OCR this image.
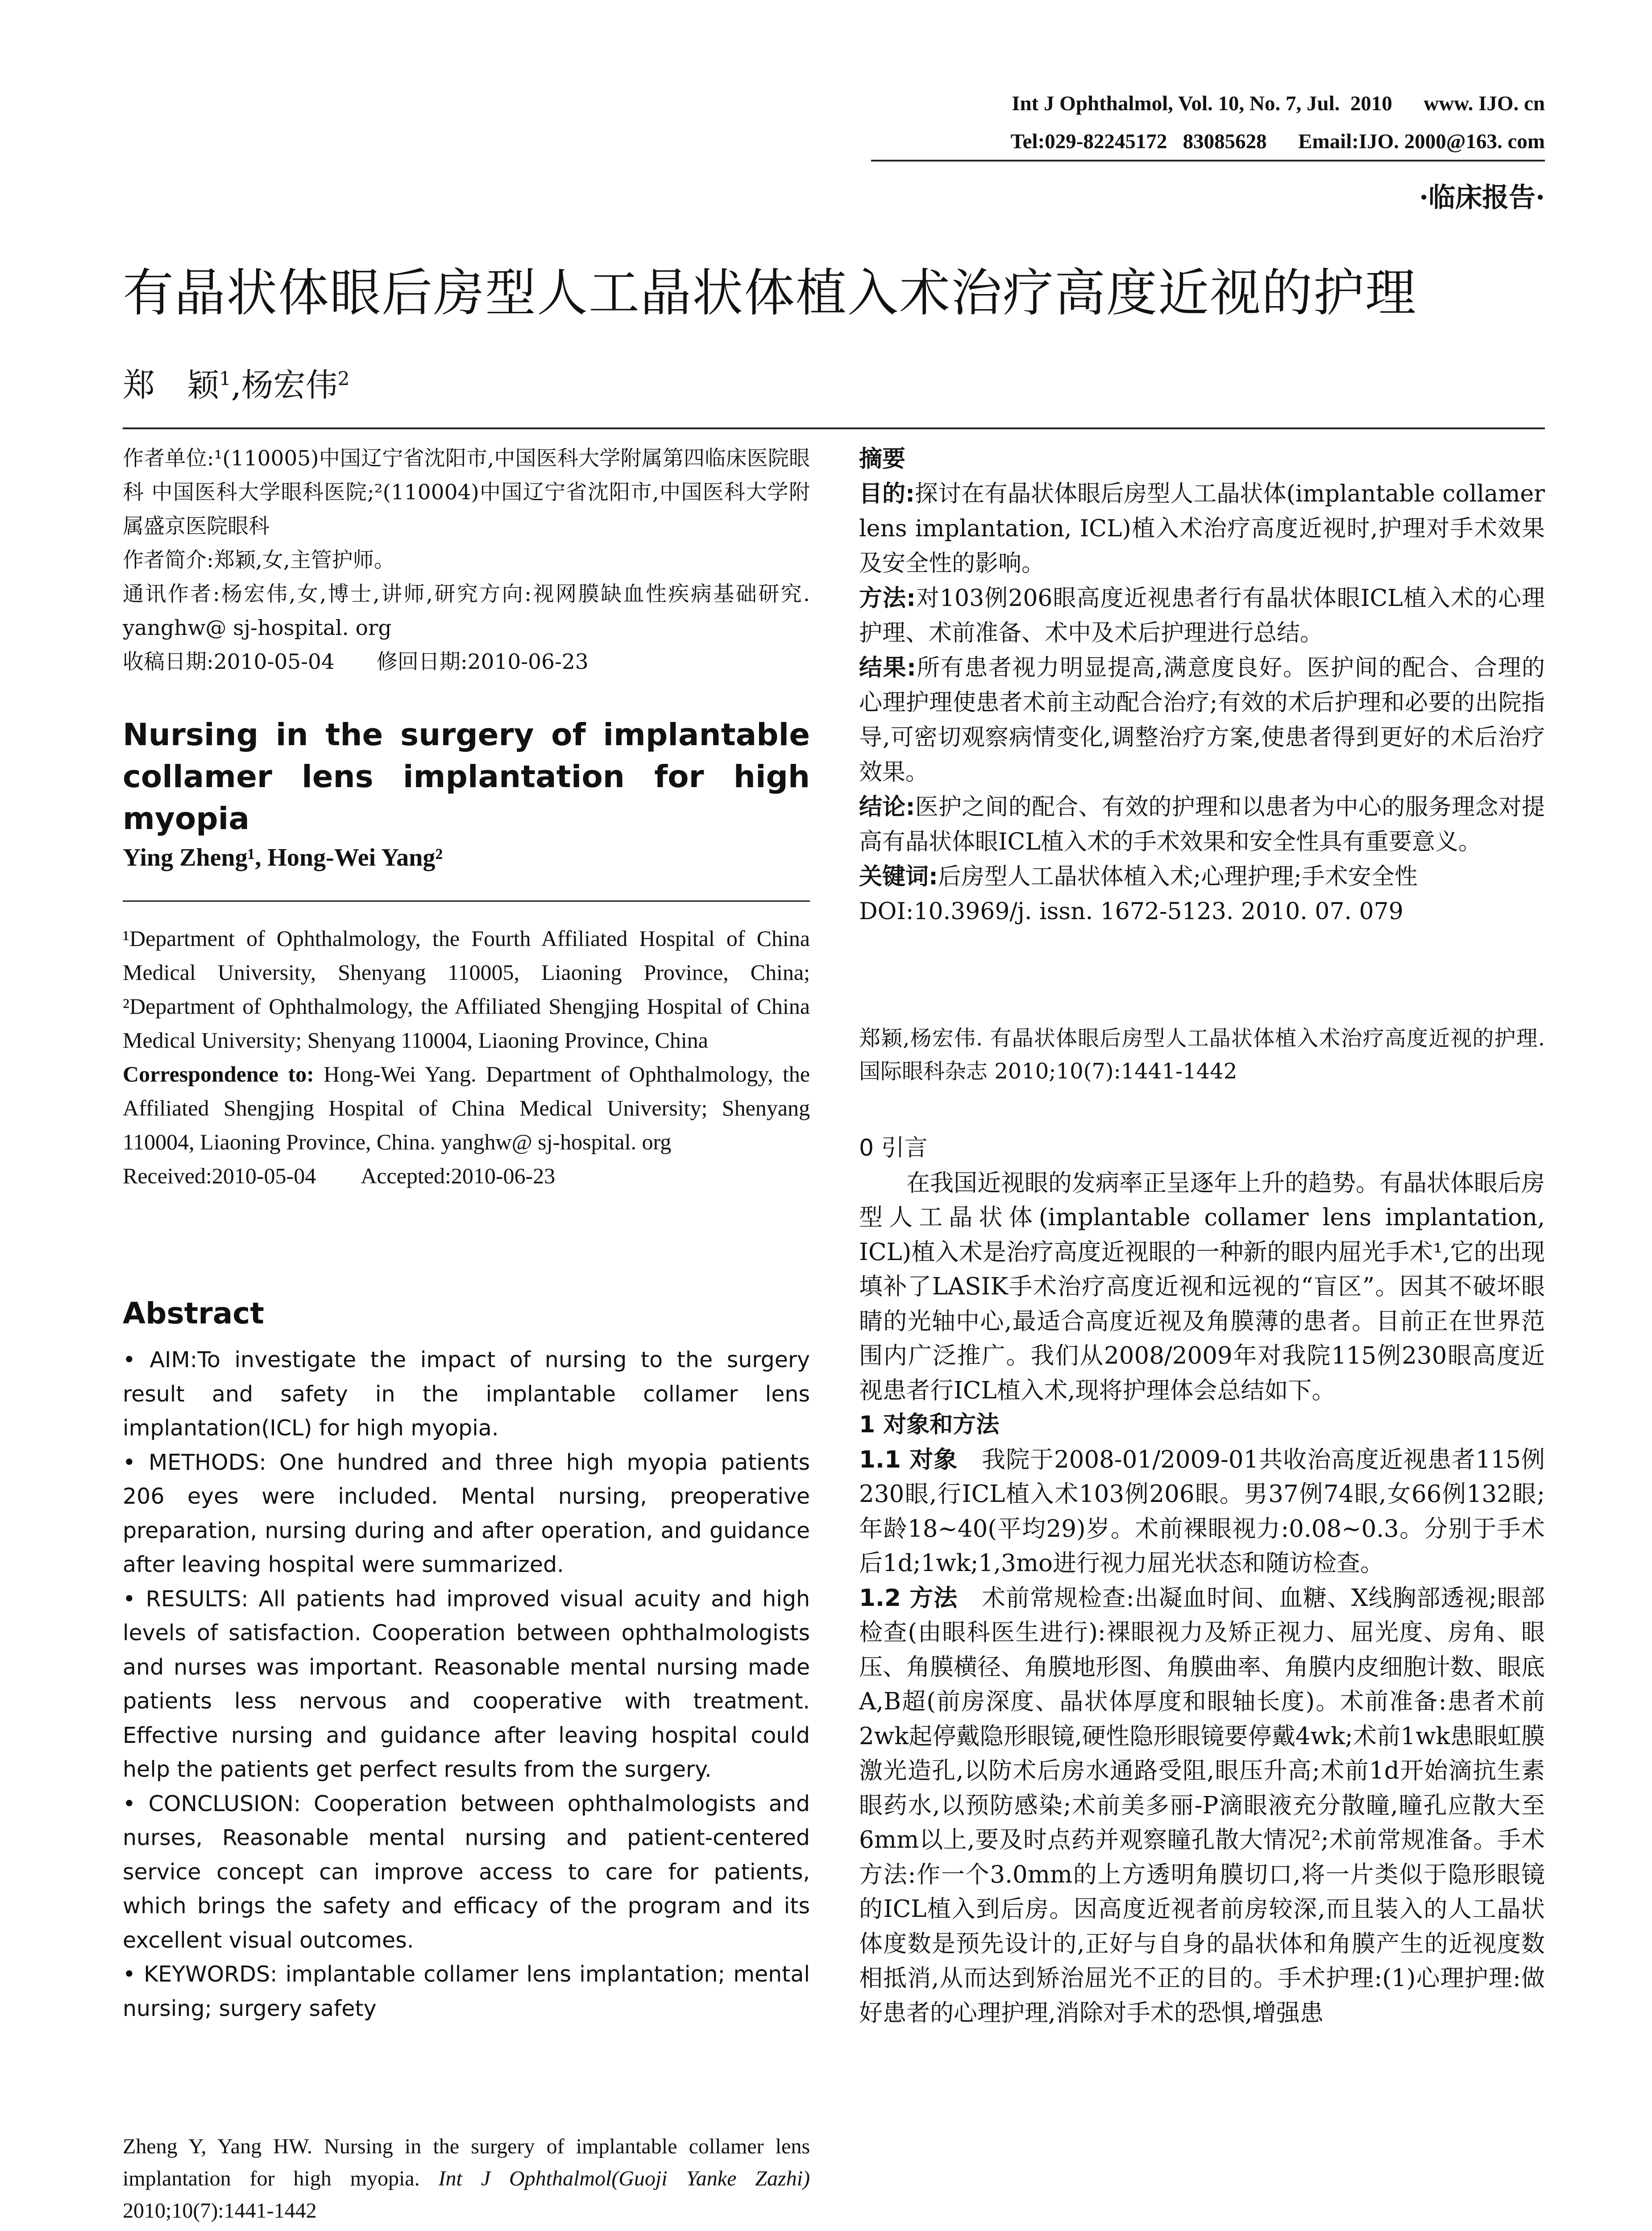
Int J Ophthalmol, Vol. 10, No. 7, Jul.  2010      www. IJO. cn
Tel:029-82245172   83085628      Email:IJO. 2000@163. com
·临床报告·
有晶状体眼后房型人工晶状体植入术治疗高度近视的护理
郑　颖$^1$,杨宏伟$^2$

作者单位:¹(110005)中国辽宁省沈阳市,中国医科大学附属第四临床医院眼科 中国医科大学眼科医院;²(110004)中国辽宁省沈阳市,中国医科大学附属盛京医院眼科

作者简介:郑颖,女,主管护师。

通讯作者:杨宏伟,女,博士,讲师,研究方向:视网膜缺血性疾病基础研究. yanghw@ sj-hospital. org

收稿日期:2010-05-04　　修回日期:2010-06-23

Nursing in the surgery of implantable collamer lens implantation for high myopia
Ying Zheng¹, Hong-Wei Yang²

¹Department of Ophthalmology, the Fourth Affiliated Hospital of China Medical University, Shenyang 110005, Liaoning Province, China; ²Department of Ophthalmology, the Affiliated Shengjing Hospital of China Medical University; Shenyang 110004, Liaoning Province, China

Correspondence to: Hong-Wei Yang. Department of Ophthalmology, the Affiliated Shengjing Hospital of China Medical University; Shenyang 110004, Liaoning Province, China. yanghw@ sj-hospital. org

Received:2010-05-04　　Accepted:2010-06-23

Abstract

• AIM:To investigate the impact of nursing to the surgery result and safety in the implantable collamer lens implantation(ICL) for high myopia.

• METHODS: One hundred and three high myopia patients 206 eyes were included. Mental nursing, preoperative preparation, nursing during and after operation, and guidance after leaving hospital were summarized.

• RESULTS: All patients had improved visual acuity and high levels of satisfaction. Cooperation between ophthalmologists and nurses was important. Reasonable mental nursing made patients less nervous and cooperative with treatment. Effective nursing and guidance after leaving hospital could help the patients get perfect results from the surgery.

• CONCLUSION: Cooperation between ophthalmologists and nurses, Reasonable mental nursing and patient-centered service concept can improve access to care for patients, which brings the safety and efficacy of the program and its excellent visual outcomes.

• KEYWORDS: implantable collamer lens implantation; mental nursing; surgery safety

Zheng Y, Yang HW. Nursing in the surgery of implantable collamer lens implantation for high myopia. Int J Ophthalmol(Guoji Yanke Zazhi) 2010;10(7):1441-1442

摘要

目的:探讨在有晶状体眼后房型人工晶状体(implantable collamer lens implantation, ICL)植入术治疗高度近视时,护理对手术效果及安全性的影响。

方法:对103例206眼高度近视患者行有晶状体眼ICL植入术的心理护理、术前准备、术中及术后护理进行总结。

结果:所有患者视力明显提高,满意度良好。医护间的配合、合理的心理护理使患者术前主动配合治疗;有效的术后护理和必要的出院指导,可密切观察病情变化,调整治疗方案,使患者得到更好的术后治疗效果。

结论:医护之间的配合、有效的护理和以患者为中心的服务理念对提高有晶状体眼ICL植入术的手术效果和安全性具有重要意义。

关键词:后房型人工晶状体植入术;心理护理;手术安全性

DOI:10.3969/j. issn. 1672-5123. 2010. 07. 079

郑颖,杨宏伟. 有晶状体眼后房型人工晶状体植入术治疗高度近视的护理. 国际眼科杂志 2010;10(7):1441-1442

0 引言

在我国近视眼的发病率正呈逐年上升的趋势。有晶状体眼后房型人工晶状体(implantable collamer lens implantation, ICL)植入术是治疗高度近视眼的一种新的眼内屈光手术¹,它的出现填补了LASIK手术治疗高度近视和远视的“盲区”。因其不破坏眼睛的光轴中心,最适合高度近视及角膜薄的患者。目前正在世界范围内广泛推广。我们从2008/2009年对我院115例230眼高度近视患者行ICL植入术,现将护理体会总结如下。

1 对象和方法

1.1 对象　我院于2008-01/2009-01共收治高度近视患者115例230眼,行ICL植入术103例206眼。男37例74眼,女66例132眼;年龄18~40(平均29)岁。术前裸眼视力:0.08~0.3。分别于手术后1d;1wk;1,3mo进行视力屈光状态和随访检查。

1.2 方法　术前常规检查:出凝血时间、血糖、X线胸部透视;眼部检查(由眼科医生进行):裸眼视力及矫正视力、屈光度、房角、眼压、角膜横径、角膜地形图、角膜曲率、角膜内皮细胞计数、眼底A,B超(前房深度、晶状体厚度和眼轴长度)。术前准备:患者术前2wk起停戴隐形眼镜,硬性隐形眼镜要停戴4wk;术前1wk患眼虹膜激光造孔,以防术后房水通路受阻,眼压升高;术前1d开始滴抗生素眼药水,以预防感染;术前美多丽-P滴眼液充分散瞳,瞳孔应散大至6mm以上,要及时点药并观察瞳孔散大情况²;术前常规准备。手术方法:作一个3.0mm的上方透明角膜切口,将一片类似于隐形眼镜的ICL植入到后房。因高度近视者前房较深,而且装入的人工晶状体度数是预先设计的,正好与自身的晶状体和角膜产生的近视度数相抵消,从而达到矫治屈光不正的目的。手术护理:(1)心理护理:做好患者的心理护理,消除对手术的恐惧,增强患
